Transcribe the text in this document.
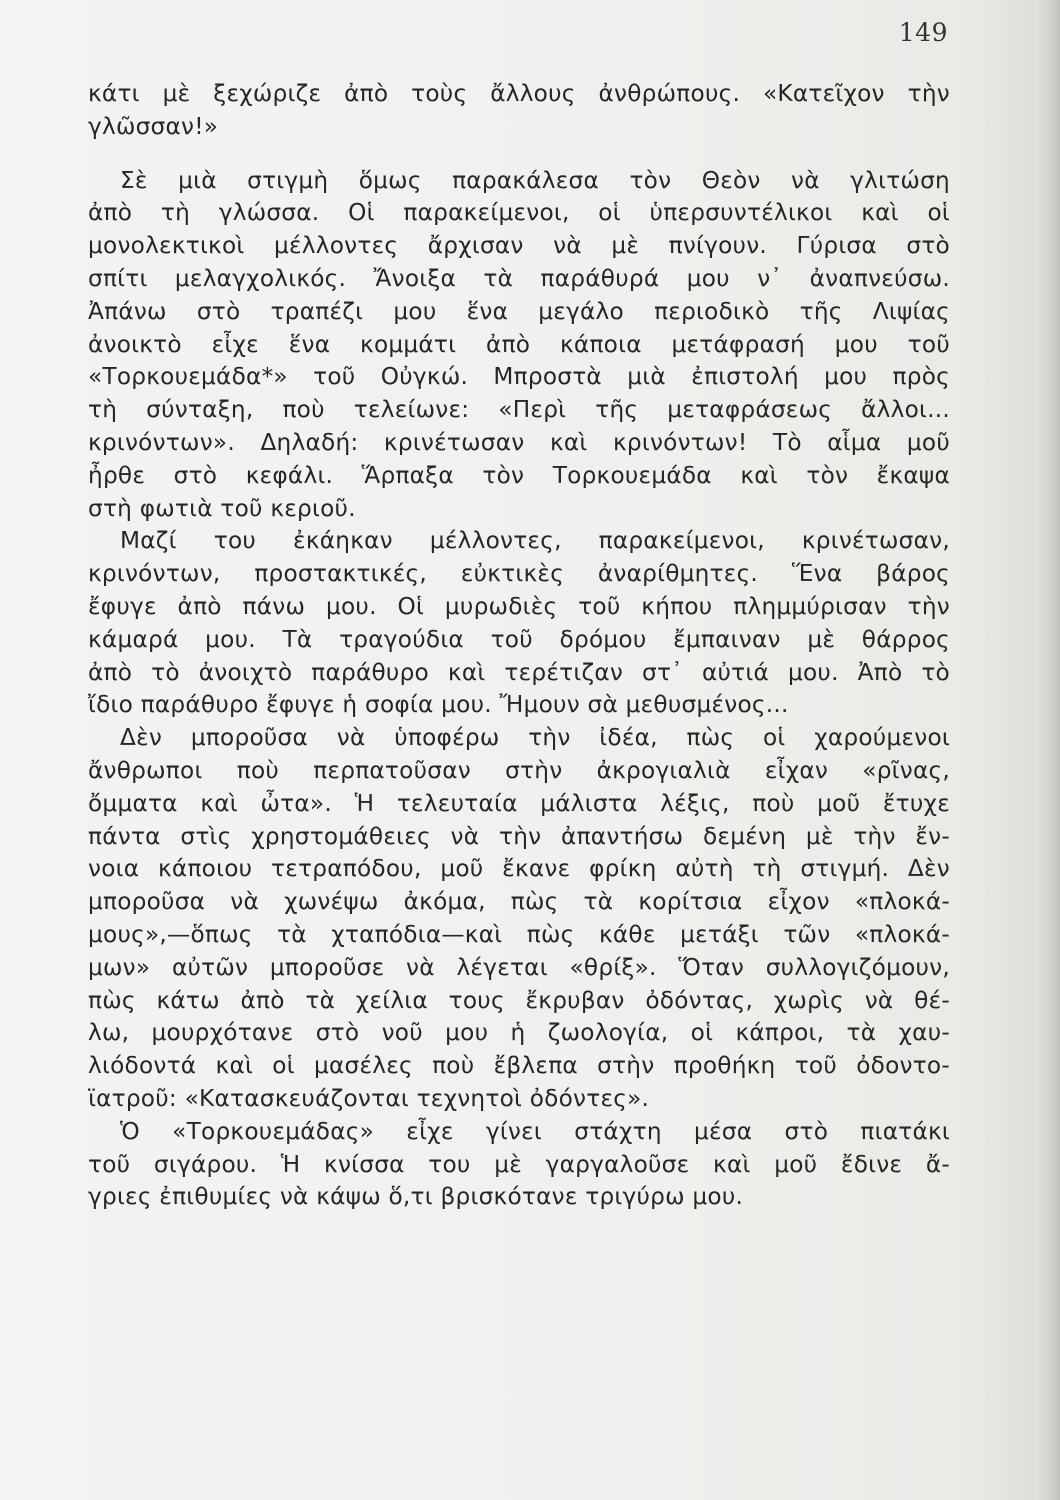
149
κάτι μὲ ξεχώριζε ἀπὸ τοὺς ἄλλους ἀνθρώπους. «Κατεῖχον τὴν
γλῶσσαν!»
Σὲ μιὰ στιγμὴ ὅμως παρακάλεσα τὸν Θεὸν νὰ γλιτώση
ἀπὸ τὴ γλώσσα. Οἱ παρακείμενοι, οἱ ὑπερσυντέλικοι καὶ οἱ
μονολεκτικοὶ μέλλοντες ἄρχισαν νὰ μὲ πνίγουν. Γύρισα στὸ
σπίτι μελαγχολικός. Ἄνοιξα τὰ παράθυρά μου ν᾽ ἀναπνεύσω.
Ἀπάνω στὸ τραπέζι μου ἕνα μεγάλο περιοδικὸ τῆς Λιψίας
ἀνοικτὸ εἶχε ἕνα κομμάτι ἀπὸ κάποια μετάφρασή μου τοῦ
«Τορκουεμάδα*» τοῦ Οὐγκώ. Μπροστὰ μιὰ ἐπιστολή μου πρὸς
τὴ σύνταξη, ποὺ τελείωνε: «Περὶ τῆς μεταφράσεως ἄλλοι...
κρινόντων». Δηλαδή: κρινέτωσαν καὶ κρινόντων! Τὸ αἷμα μοῦ
ἦρθε στὸ κεφάλι. Ἅρπαξα τὸν Τορκουεμάδα καὶ τὸν ἔκαψα
στὴ φωτιὰ τοῦ κεριοῦ.
Μαζί του ἐκάηκαν μέλλοντες, παρακείμενοι, κρινέτωσαν,
κρινόντων, προστακτικές, εὐκτικὲς ἀναρίθμητες. Ἕνα βάρος
ἔφυγε ἀπὸ πάνω μου. Οἱ μυρωδιὲς τοῦ κήπου πλημμύρισαν τὴν
κάμαρά μου. Τὰ τραγούδια τοῦ δρόμου ἔμπαιναν μὲ θάρρος
ἀπὸ τὸ ἀνοιχτὸ παράθυρο καὶ τερέτιζαν στ᾽ αὐτιά μου. Ἀπὸ τὸ
ἴδιο παράθυρο ἔφυγε ἡ σοφία μου. Ἤμουν σὰ μεθυσμένος...
Δὲν μποροῦσα νὰ ὑποφέρω τὴν ἰδέα, πὼς οἱ χαρούμενοι
ἄνθρωποι ποὺ περπατοῦσαν στὴν ἀκρογιαλιὰ εἶχαν «ρῖνας,
ὄμματα καὶ ὦτα». Ἡ τελευταία μάλιστα λέξις, ποὺ μοῦ ἔτυχε
πάντα στὶς χρηστομάθειες νὰ τὴν ἀπαντήσω δεμένη μὲ τὴν ἔν-
νοια κάποιου τετραπόδου, μοῦ ἔκανε φρίκη αὐτὴ τὴ στιγμή. Δὲν
μποροῦσα νὰ χωνέψω ἀκόμα, πὼς τὰ κορίτσια εἶχον «πλοκά-
μους»,—ὅπως τὰ χταπόδια—καὶ πὼς κάθε μετάξι τῶν «πλοκά-
μων» αὐτῶν μποροῦσε νὰ λέγεται «θρίξ». Ὅταν συλλογιζόμουν,
πὼς κάτω ἀπὸ τὰ χείλια τους ἔκρυβαν ὀδόντας, χωρὶς νὰ θέ-
λω, μουρχότανε στὸ νοῦ μου ἡ ζωολογία, οἱ κάπροι, τὰ χαυ-
λιόδοντά καὶ οἱ μασέλες ποὺ ἔβλεπα στὴν προθήκη τοῦ ὀδοντο-
ϊατροῦ: «Κατασκευάζονται τεχνητοὶ ὀδόντες».
Ὁ «Τορκουεμάδας» εἶχε γίνει στάχτη μέσα στὸ πιατάκι
τοῦ σιγάρου. Ἡ κνίσσα του μὲ γαργαλοῦσε καὶ μοῦ ἔδινε ἄ-
γριες ἐπιθυμίες νὰ κάψω ὅ,τι βρισκότανε τριγύρω μου.
